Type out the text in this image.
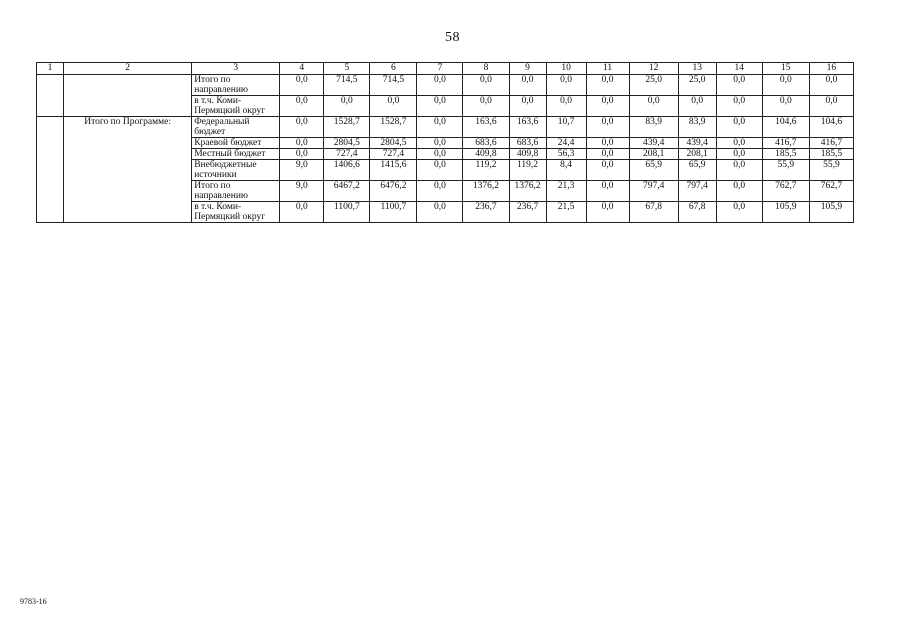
58
1	2	3	4	5	6	7	8	9	10	11	12	13	14	15	16
		Итого по направлению	0,0	714,5	714,5	0,0	0,0	0,0	0,0	0,0	25,0	25,0	0,0	0,0	0,0
		в т.ч. Коми-Пермяцкий округ	0,0	0,0	0,0	0,0	0,0	0,0	0,0	0,0	0,0	0,0	0,0	0,0	0,0
	Итого по Программе:	Федеральный бюджет	0,0	1528,7	1528,7	0,0	163,6	163,6	10,7	0,0	83,9	83,9	0,0	104,6	104,6
		Краевой бюджет	0,0	2804,5	2804,5	0,0	683,6	683,6	24,4	0,0	439,4	439,4	0,0	416,7	416,7
		Местный бюджет	0,0	727,4	727,4	0,0	409,8	409,8	56,3	0,0	208,1	208,1	0,0	185,5	185,5
		Внебюджетные источники	9,0	1406,6	1415,6	0,0	119,2	119,2	8,4	0,0	65,9	65,9	0,0	55,9	55,9
		Итого по направлению	9,0	6467,2	6476,2	0,0	1376,2	1376,2	21,3	0,0	797,4	797,4	0,0	762,7	762,7
		в т.ч. Коми-Пермяцкий округ	0,0	1100,7	1100,7	0,0	236,7	236,7	21,5	0,0	67,8	67,8	0,0	105,9	105,9
9783-16
